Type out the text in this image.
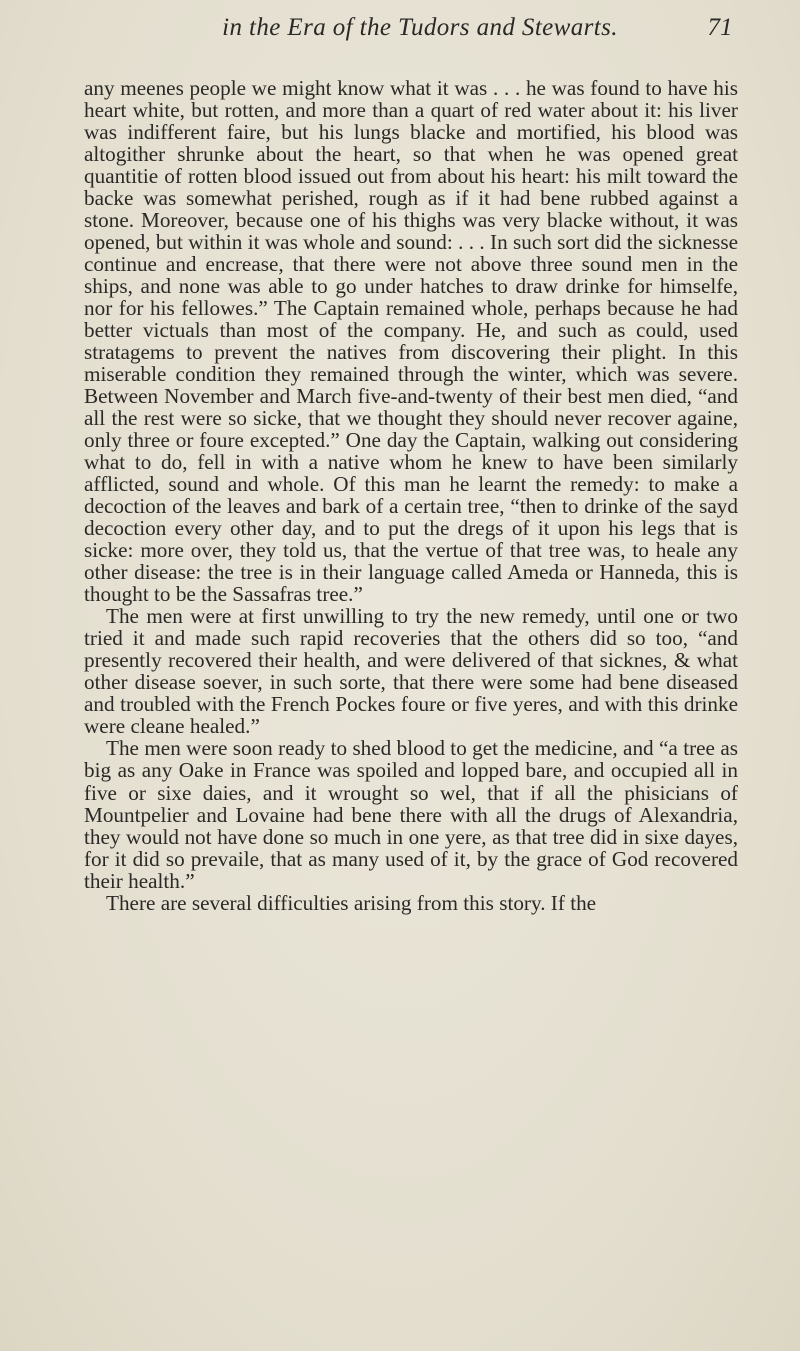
in the Era of the Tudors and Stewarts.	71

any meenes people we might know what it was . . . he was found to have his heart white, but rotten, and more than a quart of red water about it: his liver was indifferent faire, but his lungs blacke and mortified, his blood was altogither shrunke about the heart, so that when he was opened great quantitie of rotten blood issued out from about his heart: his milt toward the backe was somewhat perished, rough as if it had bene rubbed against a stone. Moreover, because one of his thighs was very blacke without, it was opened, but within it was whole and sound: . . . In such sort did the sicknesse continue and encrease, that there were not above three sound men in the ships, and none was able to go under hatches to draw drinke for himselfe, nor for his fellowes.” The Captain remained whole, perhaps because he had better victuals than most of the company. He, and such as could, used stratagems to prevent the natives from discovering their plight. In this miserable condition they remained through the winter, which was severe. Between November and March five-and-twenty of their best men died, “and all the rest were so sicke, that we thought they should never recover againe, only three or foure excepted.” One day the Captain, walking out considering what to do, fell in with a native whom he knew to have been similarly afflicted, sound and whole. Of this man he learnt the remedy: to make a decoction of the leaves and bark of a certain tree, “then to drinke of the sayd decoction every other day, and to put the dregs of it upon his legs that is sicke: more over, they told us, that the vertue of that tree was, to heale any other disease: the tree is in their language called Ameda or Hanneda, this is thought to be the Sassafras tree.”

The men were at first unwilling to try the new remedy, until one or two tried it and made such rapid recoveries that the others did so too, “and presently recovered their health, and were delivered of that sicknes, & what other disease soever, in such sorte, that there were some had bene diseased and troubled with the French Pockes foure or five yeres, and with this drinke were cleane healed.”

The men were soon ready to shed blood to get the medicine, and “a tree as big as any Oake in France was spoiled and lopped bare, and occupied all in five or sixe daies, and it wrought so wel, that if all the phisicians of Mountpelier and Lovaine had bene there with all the drugs of Alexandria, they would not have done so much in one yere, as that tree did in sixe dayes, for it did so prevaile, that as many used of it, by the grace of God recovered their health.”

There are several difficulties arising from this story. If the
